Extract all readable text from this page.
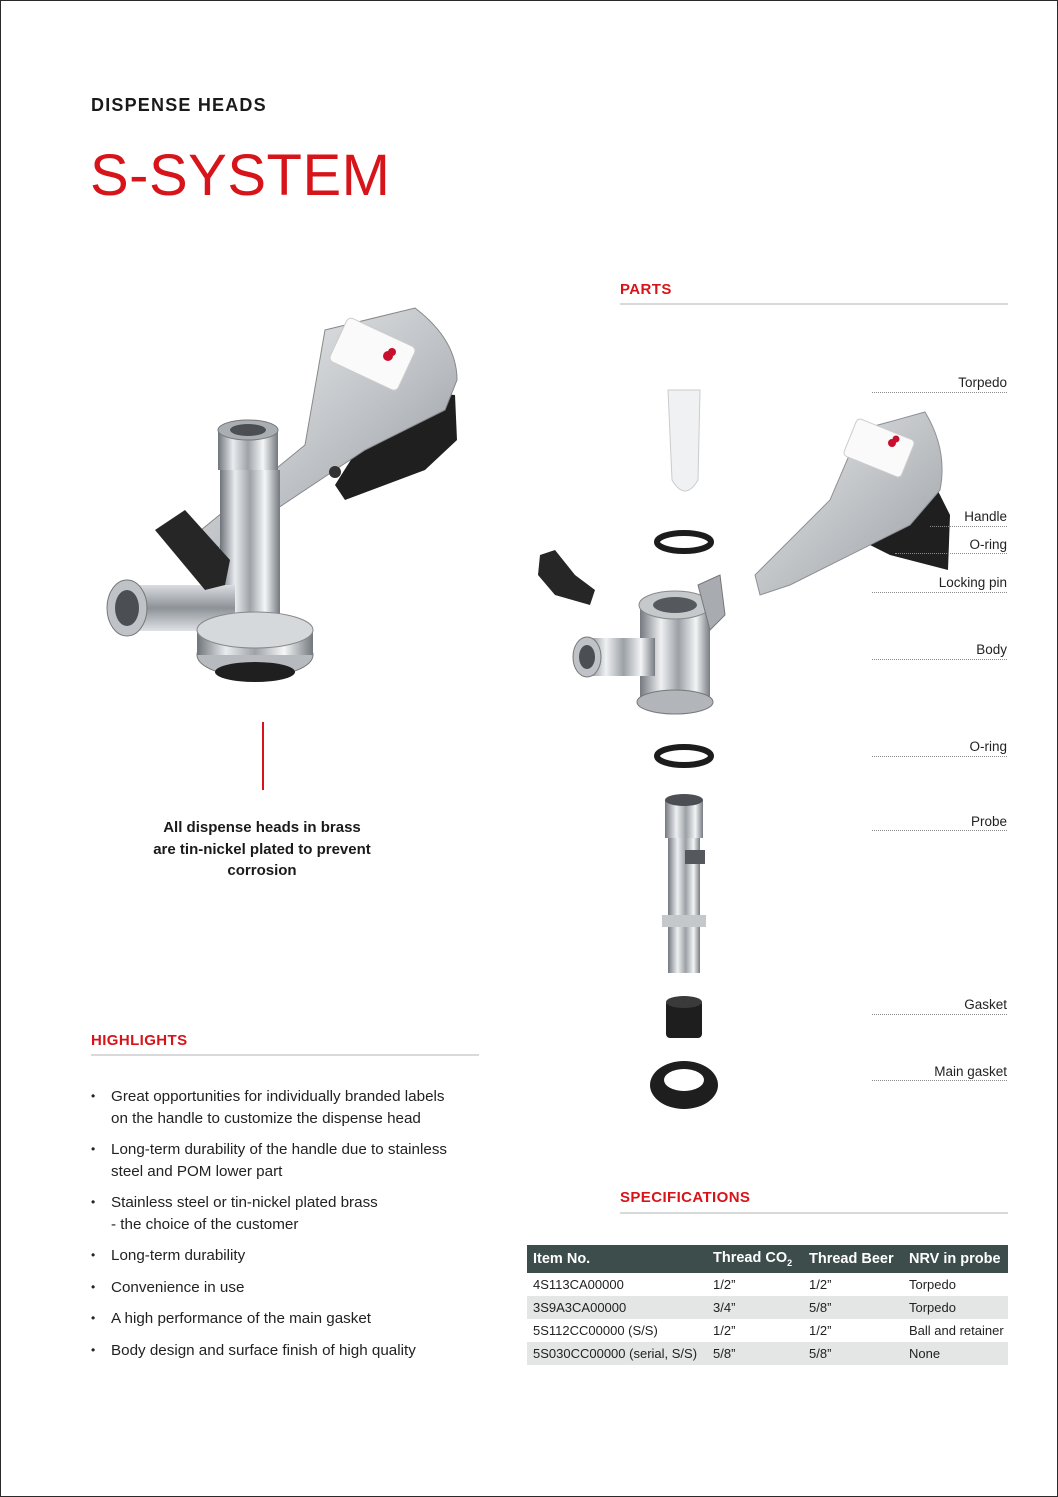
DISPENSE HEADS
S-SYSTEM
All dispense heads in brass
are tin-nickel plated to prevent
corrosion
HIGHLIGHTS
• Great opportunities for individually branded labels
on the handle to customize the dispense head
• Long-term durability of the handle due to stainless
steel and POM lower part
• Stainless steel or tin-nickel plated brass
- the choice of the customer
• Long-term durability
• Convenience in use
• A high performance of the main gasket
• Body design and surface finish of high quality
PARTS
Torpedo
Handle
O-ring
Locking pin
Body
O-ring
Probe
Gasket
Main gasket
SPECIFICATIONS
Item No.	Thread $CO_2$	Thread Beer	NRV in probe
4S113CA00000	1/2”	1/2”	Torpedo
3S9A3CA00000	3/4”	5/8”	Torpedo
5S112CC00000 (S/S)	1/2”	1/2”	Ball and retainer
5S030CC00000 (serial, S/S)	5/8”	5/8”	None
